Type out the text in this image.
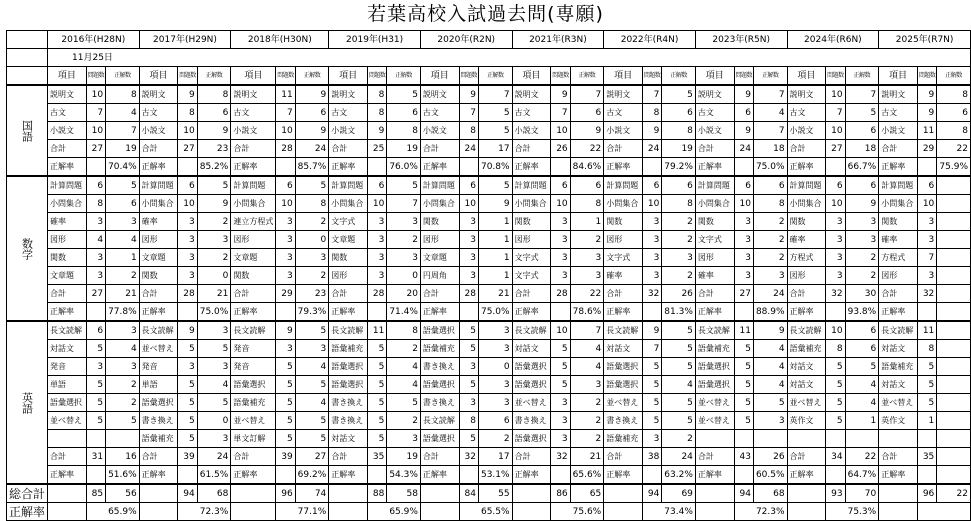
若葉高校入試過去問(専願)
	2016年(H28N)			2017年(H29N)			2018年(H30N)			2019年(H31)			2020年(R2N)			2021年(R3N)			2022年(R4N)			2023年(R5N)			2024年(R6N)			2025年(R7N)		
	11月25日																													
	項目	問題数	正解数	項目	問題数	正解数	項目	問題数	正解数	項目	問題数	正解数	項目	問題数	正解数	項目	問題数	正解数	項目	問題数	正解数	項目	問題数	正解数	項目	問題数	正解数	項目	問題数	正解数
国語	説明文	10	8	説明文	9	8	説明文	11	9	説明文	8	5	説明文	9	7	説明文	9	7	説明文	7	5	説明文	9	7	説明文	10	7	説明文	9	8
	古文	7	4	古文	8	6	古文	7	6	古文	8	6	古文	7	5	古文	7	6	古文	8	6	古文	6	4	古文	7	5	古文	9	6
	小説文	10	7	小説文	10	9	小説文	10	9	小説文	9	8	小説文	8	5	小説文	10	9	小説文	9	8	小説文	9	7	小説文	10	6	小説文	11	8
	合計	27	19	合計	27	23	合計	28	24	合計	25	19	合計	24	17	合計	26	22	合計	24	19	合計	24	18	合計	27	18	合計	29	22
	正解率		70.4%	正解率		85.2%	正解率		85.7%	正解率		76.0%	正解率		70.8%	正解率		84.6%	正解率		79.2%	正解率		75.0%	正解率		66.7%	正解率		75.9%
数学	計算問題	6	5	計算問題	6	5	計算問題	6	5	計算問題	6	5	計算問題	6	5	計算問題	6	6	計算問題	6	6	計算問題	6	6	計算問題	6	6	計算問題	6	
	小問集合	8	6	小問集合	10	9	小問集合	10	8	小問集合	10	7	小問集合	10	9	小問集合	10	8	小問集合	10	8	小問集合	10	8	小問集合	10	9	小問集合	10	
	確率	3	3	確率	3	2	連立方程式	3	2	文字式	3	3	関数	3	1	関数	3	1	関数	3	2	関数	3	2	関数	3	3	関数	3	
	図形	4	4	図形	3	3	図形	3	0	文章題	3	2	図形	3	1	図形	3	2	図形	3	2	文字式	3	2	確率	3	3	確率	3	
	関数	3	1	文章題	3	2	文章題	3	3	関数	3	3	文章題	3	1	文字式	3	3	文字式	3	3	図形	3	2	方程式	3	2	方程式	7	
	文章題	3	2	関数	3	0	関数	3	2	図形	3	0	円周角	3	1	文字式	3	3	確率	3	2	確率	3	3	図形	3	2	図形	3	
	合計	27	21	合計	28	21	合計	29	23	合計	28	20	合計	28	21	合計	28	22	合計	32	26	合計	27	24	合計	32	30	合計	32	
	正解率		77.8%	正解率		75.0%	正解率		79.3%	正解率		71.4%	正解率		75.0%	正解率		78.6%	正解率		81.3%	正解率		88.9%	正解率		93.8%	正解率		
英語	長文読解	6	3	長文読解	9	3	長文読解	9	5	長文読解	11	8	語彙選択	5	3	長文読解	10	7	長文読解	9	5	長文読解	11	9	長文読解	10	6	長文読解	11	
	対話文	5	4	並べ替え	5	5	発音	3	3	語彙補充	5	2	語彙補充	5	3	対話文	5	4	対話文	7	5	語彙補充	5	4	語彙補充	8	6	対話文	8	
	発音	3	3	発音	3	3	発音	5	4	語彙選択	5	4	書き換え	3	0	語彙選択	5	4	語彙選択	5	5	語彙選択	5	4	対話文	5	5	語彙補充	5	
	単語	5	2	単語	5	4	語彙選択	5	5	語彙選択	5	4	語彙選択	5	3	語彙選択	5	3	語彙選択	5	4	語彙選択	5	4	対話文	5	4	対話文	5	
	語彙選択	5	2	語彙選択	5	5	語彙補充	5	4	書き換え	5	5	書き換え	3	3	並べ替え	3	2	並べ替え	5	5	並べ替え	5	5	並べ替え	5	4	並べ替え	5	
	並べ替え	5	5	書き換え	5	0	並べ替え	5	5	書き換え	5	2	長文読解	8	6	書き換え	3	2	書き換え	5	5	並べ替え	5	3	英作文	5	1	英作文	1	
				語彙補充	5	3	単文訂解	5	5	対話文	5	3	語彙選択	5	2	語彙選択	3	2	語彙補充	3	2									
	合計	31	16	合計	39	24	合計	39	27	合計	35	19	合計	32	17	合計	32	21	合計	38	24	合計	43	26	合計	34	22	合計	35	
	正解率		51.6%	正解率		61.5%	正解率		69.2%	正解率		54.3%	正解率		53.1%	正解率		65.6%	正解率		63.2%	正解率		60.5%	正解率		64.7%	正解率		
総合計		85	56		94	68		96	74		88	58		84	55		86	65		94	69		94	68		93	70		96	22
正解率		65.9%			72.3%			77.1%			65.9%			65.5%			75.6%			73.4%			72.3%			75.3%				
